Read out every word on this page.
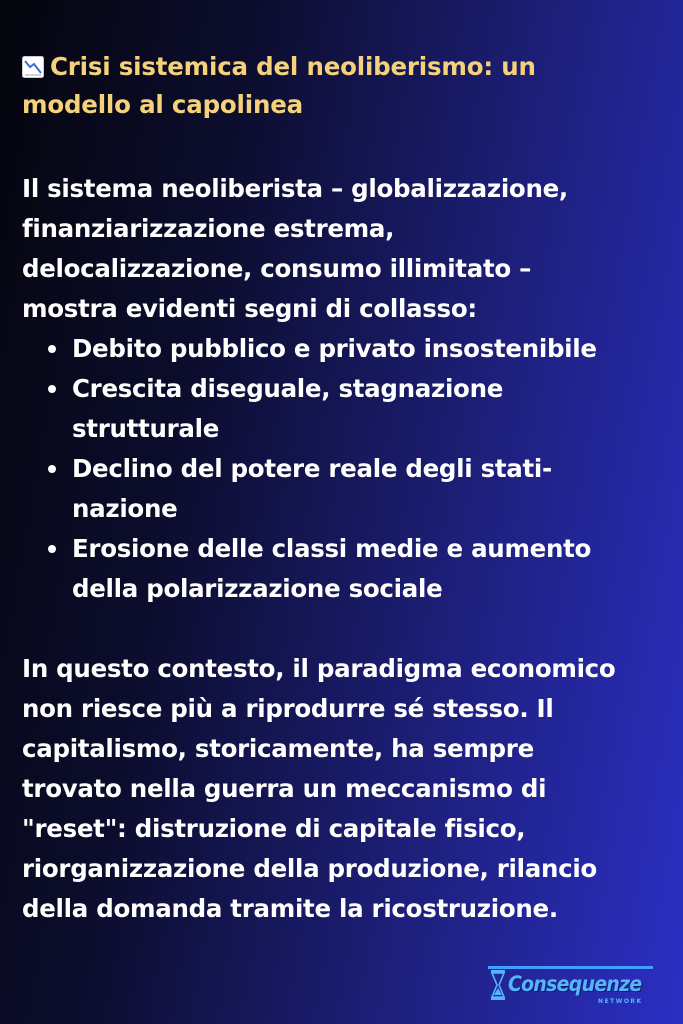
Crisi sistemica del neoliberismo: un
modello al capolinea
Il sistema neoliberista – globalizzazione,
finanziarizzazione estrema,
delocalizzazione, consumo illimitato –
mostra evidenti segni di collasso:
Debito pubblico e privato insostenibile
Crescita diseguale, stagnazione
strutturale
Declino del potere reale degli stati-
nazione
Erosione delle classi medie e aumento
della polarizzazione sociale
In questo contesto, il paradigma economico
non riesce più a riprodurre sé stesso. Il
capitalismo, storicamente, ha sempre
trovato nella guerra un meccanismo di
"reset": distruzione di capitale fisico,
riorganizzazione della produzione, rilancio
della domanda tramite la ricostruzione.
Consequenze
NETWORK
